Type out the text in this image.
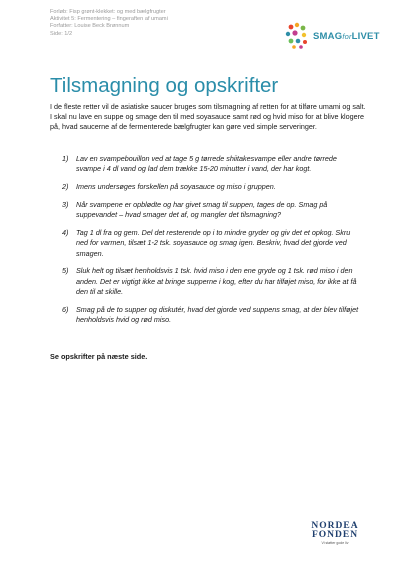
Forløb: Fisp grønt-klekket: og med bælgfrugter
Aktivitet 5: Fermentering – fingeraften af umami
Forfatter: Louise Beck Brønnum
Side: 1/2	SMAGforLIVET
Tilsmagning og opskrifter

I de fleste retter vil de asiatiske saucer bruges som tilsmagning af retten for at tilføre umami og salt. I skal nu lave en suppe og smage den til med soyasauce samt rød og hvid miso for at blive klogere på, hvad saucerne af de fermenterede bælgfrugter kan gøre ved simple serveringer.

1) Lav en svampebouillon ved at tage 5 g tørrede shiitakesvampe eller andre tørrede svampe i 4 dl vand og lad dem trække 15-20 minutter i vand, der har kogt.
2) Imens undersøges forskellen på soyasauce og miso i gruppen.
3) Når svampene er opblødte og har givet smag til suppen, tages de op. Smag på suppevandet – hvad smager det af, og mangler det tilsmagning?
4) Tag 1 dl fra og gem. Del det resterende op i to mindre gryder og giv det et opkog. Skru ned for varmen, tilsæt 1-2 tsk. soyasauce og smag igen. Beskriv, hvad det gjorde ved smagen.
5) Sluk helt og tilsæt henholdsvis 1 tsk. hvid miso i den ene gryde og 1 tsk. rød miso i den anden. Det er vigtigt ikke at bringe supperne i kog, efter du har tilføjet miso, for ikke at få den til at skille.
6) Smag på de to supper og diskutér, hvad det gjorde ved suppens smag, at der blev tilføjet henholdsvis hvid og rød miso.
Se opskrifter på næste side.
NORDEA
FONDEN
Vi støtter gode liv
